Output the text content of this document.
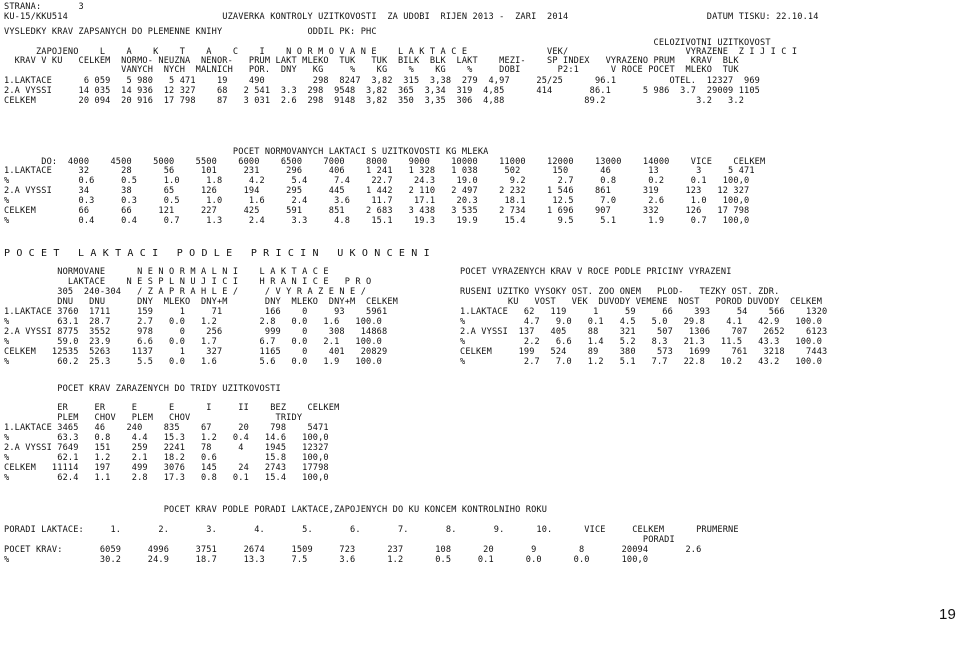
STRANA:       3
KU-15/KKU514                             UZAVERKA KONTROLY UZITKOVOSTI  ZA UDOBI  RIJEN 2013 -  ZARI  2014                          DATUM TISKU: 22.10.14
VYSLEDKY KRAV ZAPSANYCH DO PLEMENNE KNIHY                ODDIL PK: PHC
CELOZIVOTNI UZITKOVOST
ZAPOJENO    L    A    K    T    A    C    I    N O R M O V A N E    L A K T A C E               VEK/                      VYRAZENE  Z I J I C I
KRAV V KU   CELKEM  NORMO- NEUZNA  NENOR-   PRUM LAKT MLEKO  TUK   TUK  BILK  BLK  LAKT    MEZI-    SP INDEX   VYRAZENO PRUM   KRAV  BLK
VANYCH  NYCH  MALNICH   POR.  DNY   KG     %    KG    %    KG    %     DOBI       P2:1      V ROCE POCET  MLEKO  TUK
1.LAKTACE      6 059   5 980   5 471    19    490         298  8247  3,82  315  3,38  279  4,97     25/25      96.1          OTEL.  12327  969
2.A VYSSI     14 035  14 936  12 327    68   2 541  3.3  298  9548  3,82  365  3,34  319  4,85      414       86.1      5 986  3.7  29009 1105
CELKEM        20 094  20 916  17 798    87   3 031  2.6  298  9148  3,82  350  3,35  306  4,88               89.2                 3.2   3.2
POCET NORMOVANYCH LAKTACI S UZITKOVOSTI KG MLEKA
DO:  4000    4500    5000    5500    6000    6500    7000    8000    9000    10000    11000    12000    13000    14000    VICE    CELKEM
1.LAKTACE     32      28      56     101     231     296     406    1 241   1 328   1 038     502      150      46       13       3     5 471
%             0.6     0.5     1.0     1.8     4.2     5.4     7.4    22.7    24.3    19.0      9.2      2.7     0.8      0.2     0.1   100,0
2.A VYSSI     34      38      65     126     194     295     445    1 442   2 110   2 497    2 232    1 546    861      319     123   12 327
%             0.3     0.3     0.5     1.0     1.6     2.4     3.6    11.7    17.1    20.3     18.1     12.5     7.0      2.6     1.0   100,0
CELKEM        66      66     121     227     425     591     851    2 683   3 438   3 535    2 734    1 696    907      332     126   17 798
%             0.4     0.4     0.7     1.3     2.4     3.3     4.8    15.1    19.3    19.9     15.4      9.5     5.1      1.9     0.7   100,0
P O C E T   L A K T A C I   P O D L E   P R I C I N   U K O N C E N I
NORMOVANE      N E N O R M A L N I    L A K T A C E
LAKTACE    N E S P L N U J I C I    H R A N I C E   P R O
305  240-304   / Z A P R A H L E /     / V Y R A Z E N E /
DNU   DNU      DNY  MLEKO  DNY+M       DNY  MLEKO  DNY+M  CELKEM
1.LAKTACE 3760  1711     159     1     71        166    0     93    5961
%         63.1  28.7     2.7   0.0   1.2        2.8   0.0   1.6   100.0
2.A VYSSI 8775  3552     978     0    256        999    0    308   14868
%         59.0  23.9     6.6   0.0   1.7        6.7   0.0   2.1   100.0
CELKEM   12535  5263    1137     1    327       1165    0    401   20829
%         60.2  25.3     5.5   0.0   1.6        5.6   0.0   1.9   100.0
POCET VYRAZENYCH KRAV V ROCE PODLE PRICINY VYRAZENI
RUSENI UZITKO VYSOKY OST. ZOO ONEM   PLOD-   TEZKY OST. ZDR.
KU   VOST   VEK  DUVODY VEMENE  NOST   POROD DUVODY  CELKEM
1.LAKTACE   62   119     1     59     66    393     54    566    1320
%           4.7   9.0   0.1   4.5   5.0   29.8    4.1   42.9   100.0
2.A VYSSI  137   405    88    321    507   1306    707   2652    6123
%           2.2   6.6   1.4   5.2   8.3   21.3   11.5   43.3   100.0
CELKEM     199   524    89    380    573   1699    761   3218    7443
%           2.7   7.0   1.2   5.1   7.7   22.8   10.2   43.2   100.0
POCET KRAV ZARAZENYCH DO TRIDY UZITKOVOSTI
ER     ER     E      E      I     II    BEZ    CELKEM
PLEM   CHOV   PLEM   CHOV                TRIDY
1.LAKTACE 3465   46    240    835    67     20    798    5471
%         63.3   0.8    4.4   15.3   1.2   0.4   14.6   100,0
2.A VYSSI 7649   151    259   2241   78     4    1945   12327
%         62.1   1.2    2.1   18.2   0.6         15.8   100,0
CELKEM   11114   197    499   3076   145    24   2743   17798
%         62.4   1.1    2.8   17.3   0.8   0.1   15.4   100,0
POCET KRAV PODLE PORADI LAKTACE,ZAPOJENYCH DO KU KONCEM KONTROLNIHO ROKU
PORADI LAKTACE:     1.       2.       3.       4.       5.       6.       7.       8.       9.      10.      VICE     CELKEM      PRUMERNE
PORADI
POCET KRAV:       6059     4996     3751     2674     1509     723      237      108      20       9        8       20094       2.6
%                 30.2     24.9     18.7     13.3     7.5      3.6      1.2      0.5     0.1      0.0      0.0      100,0
19
